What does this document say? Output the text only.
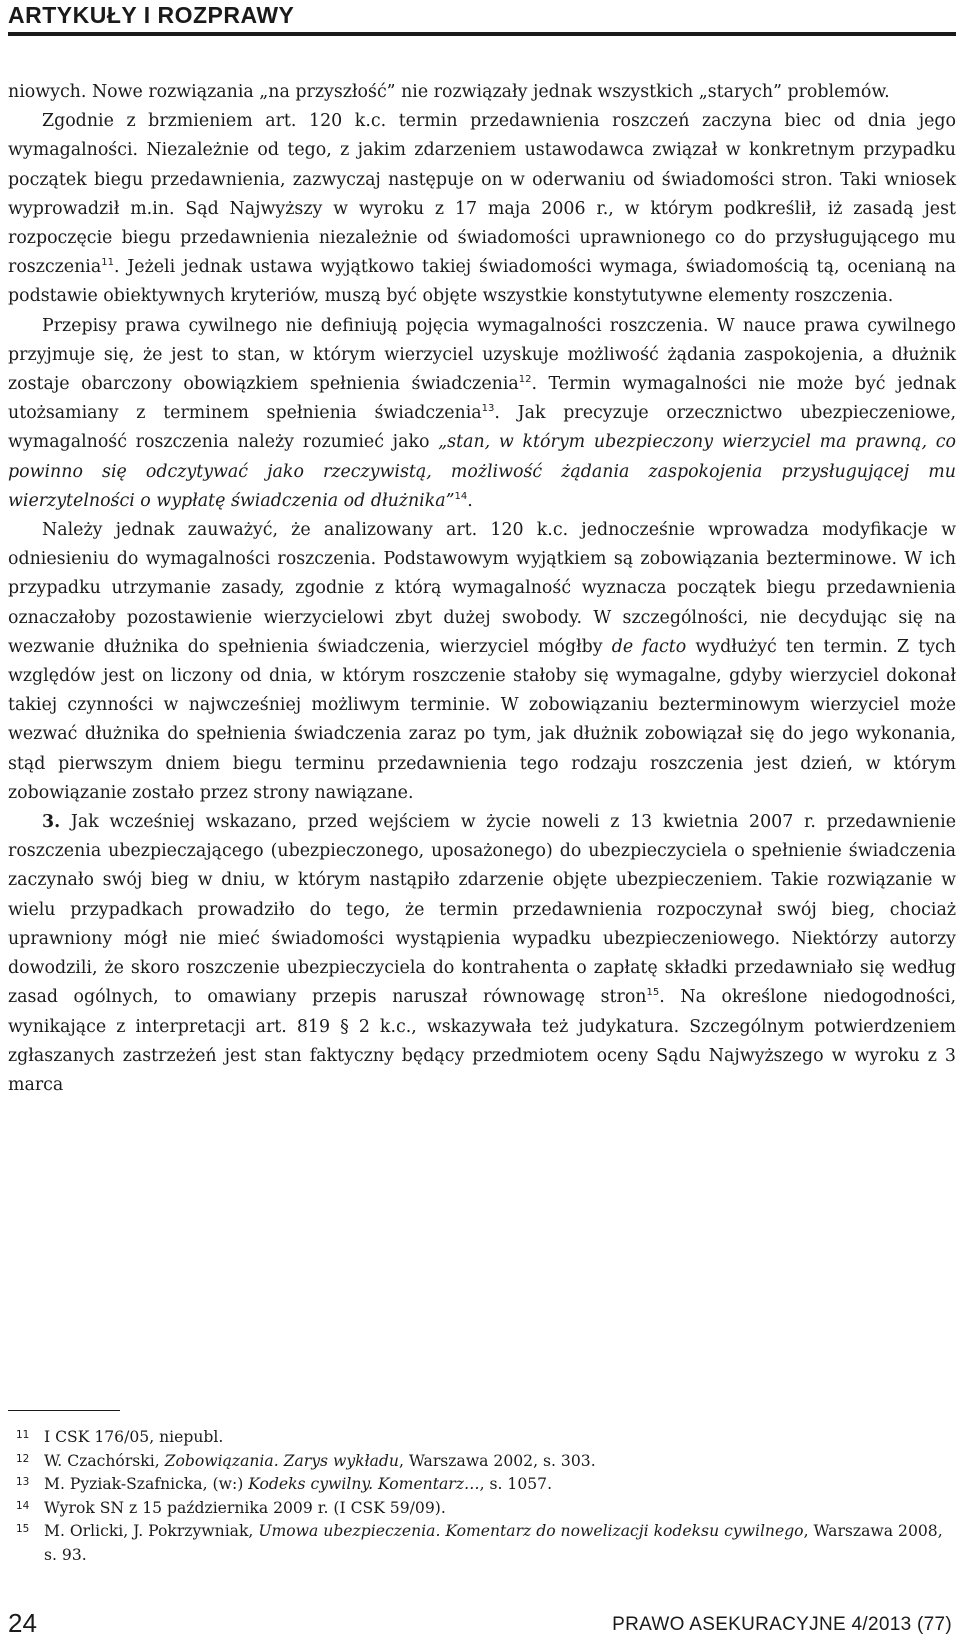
ARTYKUŁY I ROZPRAWY

niowych. Nowe rozwiązania „na przyszłość” nie rozwiązały jednak wszystkich „starych” problemów.

Zgodnie z brzmieniem art. 120 k.c. termin przedawnienia roszczeń zaczyna biec od dnia jego wymagalności. Niezależnie od tego, z jakim zdarzeniem ustawodawca związał w konkretnym przypadku początek biegu przedawnienia, zazwyczaj następuje on w oderwaniu od świadomości stron. Taki wniosek wyprowadził m.in. Sąd Najwyższy w wyroku z 17 maja 2006 r., w którym podkreślił, iż zasadą jest rozpoczęcie biegu przedawnienia niezależnie od świadomości uprawnionego co do przysługującego mu roszczenia$^{11}$. Jeżeli jednak ustawa wyjątkowo takiej świadomości wymaga, świadomością tą, ocenianą na podstawie obiektywnych kryteriów, muszą być objęte wszystkie konstytutywne elementy roszczenia.

Przepisy prawa cywilnego nie definiują pojęcia wymagalności roszczenia. W nauce prawa cywilnego przyjmuje się, że jest to stan, w którym wierzyciel uzyskuje możliwość żądania zaspokojenia, a dłużnik zostaje obarczony obowiązkiem spełnienia świadczenia$^{12}$. Termin wymagalności nie może być jednak utożsamiany z terminem spełnienia świadczenia$^{13}$. Jak precyzuje orzecznictwo ubezpieczeniowe, wymagalność roszczenia należy rozumieć jako „stan, w którym ubezpieczony wierzyciel ma prawną, co powinno się odczytywać jako rzeczywistą, możliwość żądania zaspokojenia przysługującej mu wierzytelności o wypłatę świadczenia od dłużnika”$^{14}$.

Należy jednak zauważyć, że analizowany art. 120 k.c. jednocześnie wprowadza modyfikacje w odniesieniu do wymagalności roszczenia. Podstawowym wyjątkiem są zobowiązania bezterminowe. W ich przypadku utrzymanie zasady, zgodnie z którą wymagalność wyznacza początek biegu przedawnienia oznaczałoby pozostawienie wierzycielowi zbyt dużej swobody. W szczególności, nie decydując się na wezwanie dłużnika do spełnienia świadczenia, wierzyciel mógłby de facto wydłużyć ten termin. Z tych względów jest on liczony od dnia, w którym roszczenie stałoby się wymagalne, gdyby wierzyciel dokonał takiej czynności w najwcześniej możliwym terminie. W zobowiązaniu bezterminowym wierzyciel może wezwać dłużnika do spełnienia świadczenia zaraz po tym, jak dłużnik zobowiązał się do jego wykonania, stąd pierwszym dniem biegu terminu przedawnienia tego rodzaju roszczenia jest dzień, w którym zobowiązanie zostało przez strony nawiązane.

3. Jak wcześniej wskazano, przed wejściem w życie noweli z 13 kwietnia 2007 r. przedawnienie roszczenia ubezpieczającego (ubezpieczonego, uposażonego) do ubezpieczyciela o spełnienie świadczenia zaczynało swój bieg w dniu, w którym nastąpiło zdarzenie objęte ubezpieczeniem. Takie rozwiązanie w wielu przypadkach prowadziło do tego, że termin przedawnienia rozpoczynał swój bieg, chociaż uprawniony mógł nie mieć świadomości wystąpienia wypadku ubezpieczeniowego. Niektórzy autorzy dowodzili, że skoro roszczenie ubezpieczyciela do kontrahenta o zapłatę składki przedawniało się według zasad ogólnych, to omawiany przepis naruszał równowagę stron$^{15}$. Na określone niedogodności, wynikające z interpretacji art. 819 § 2 k.c., wskazywała też judykatura. Szczególnym potwierdzeniem zgłaszanych zastrzeżeń jest stan faktyczny będący przedmiotem oceny Sądu Najwyższego w wyroku z 3 marca

11 I CSK 176/05, niepubl.
12 W. Czachórski, Zobowiązania. Zarys wykładu, Warszawa 2002, s. 303.
13 M. Pyziak-Szafnicka, (w:) Kodeks cywilny. Komentarz…, s. 1057.
14 Wyrok SN z 15 października 2009 r. (I CSK 59/09).
15 M. Orlicki, J. Pokrzywniak, Umowa ubezpieczenia. Komentarz do nowelizacji kodeksu cywilnego, Warszawa 2008, s. 93.
24	PRAWO ASEKURACYJNE 4/2013 (77)
